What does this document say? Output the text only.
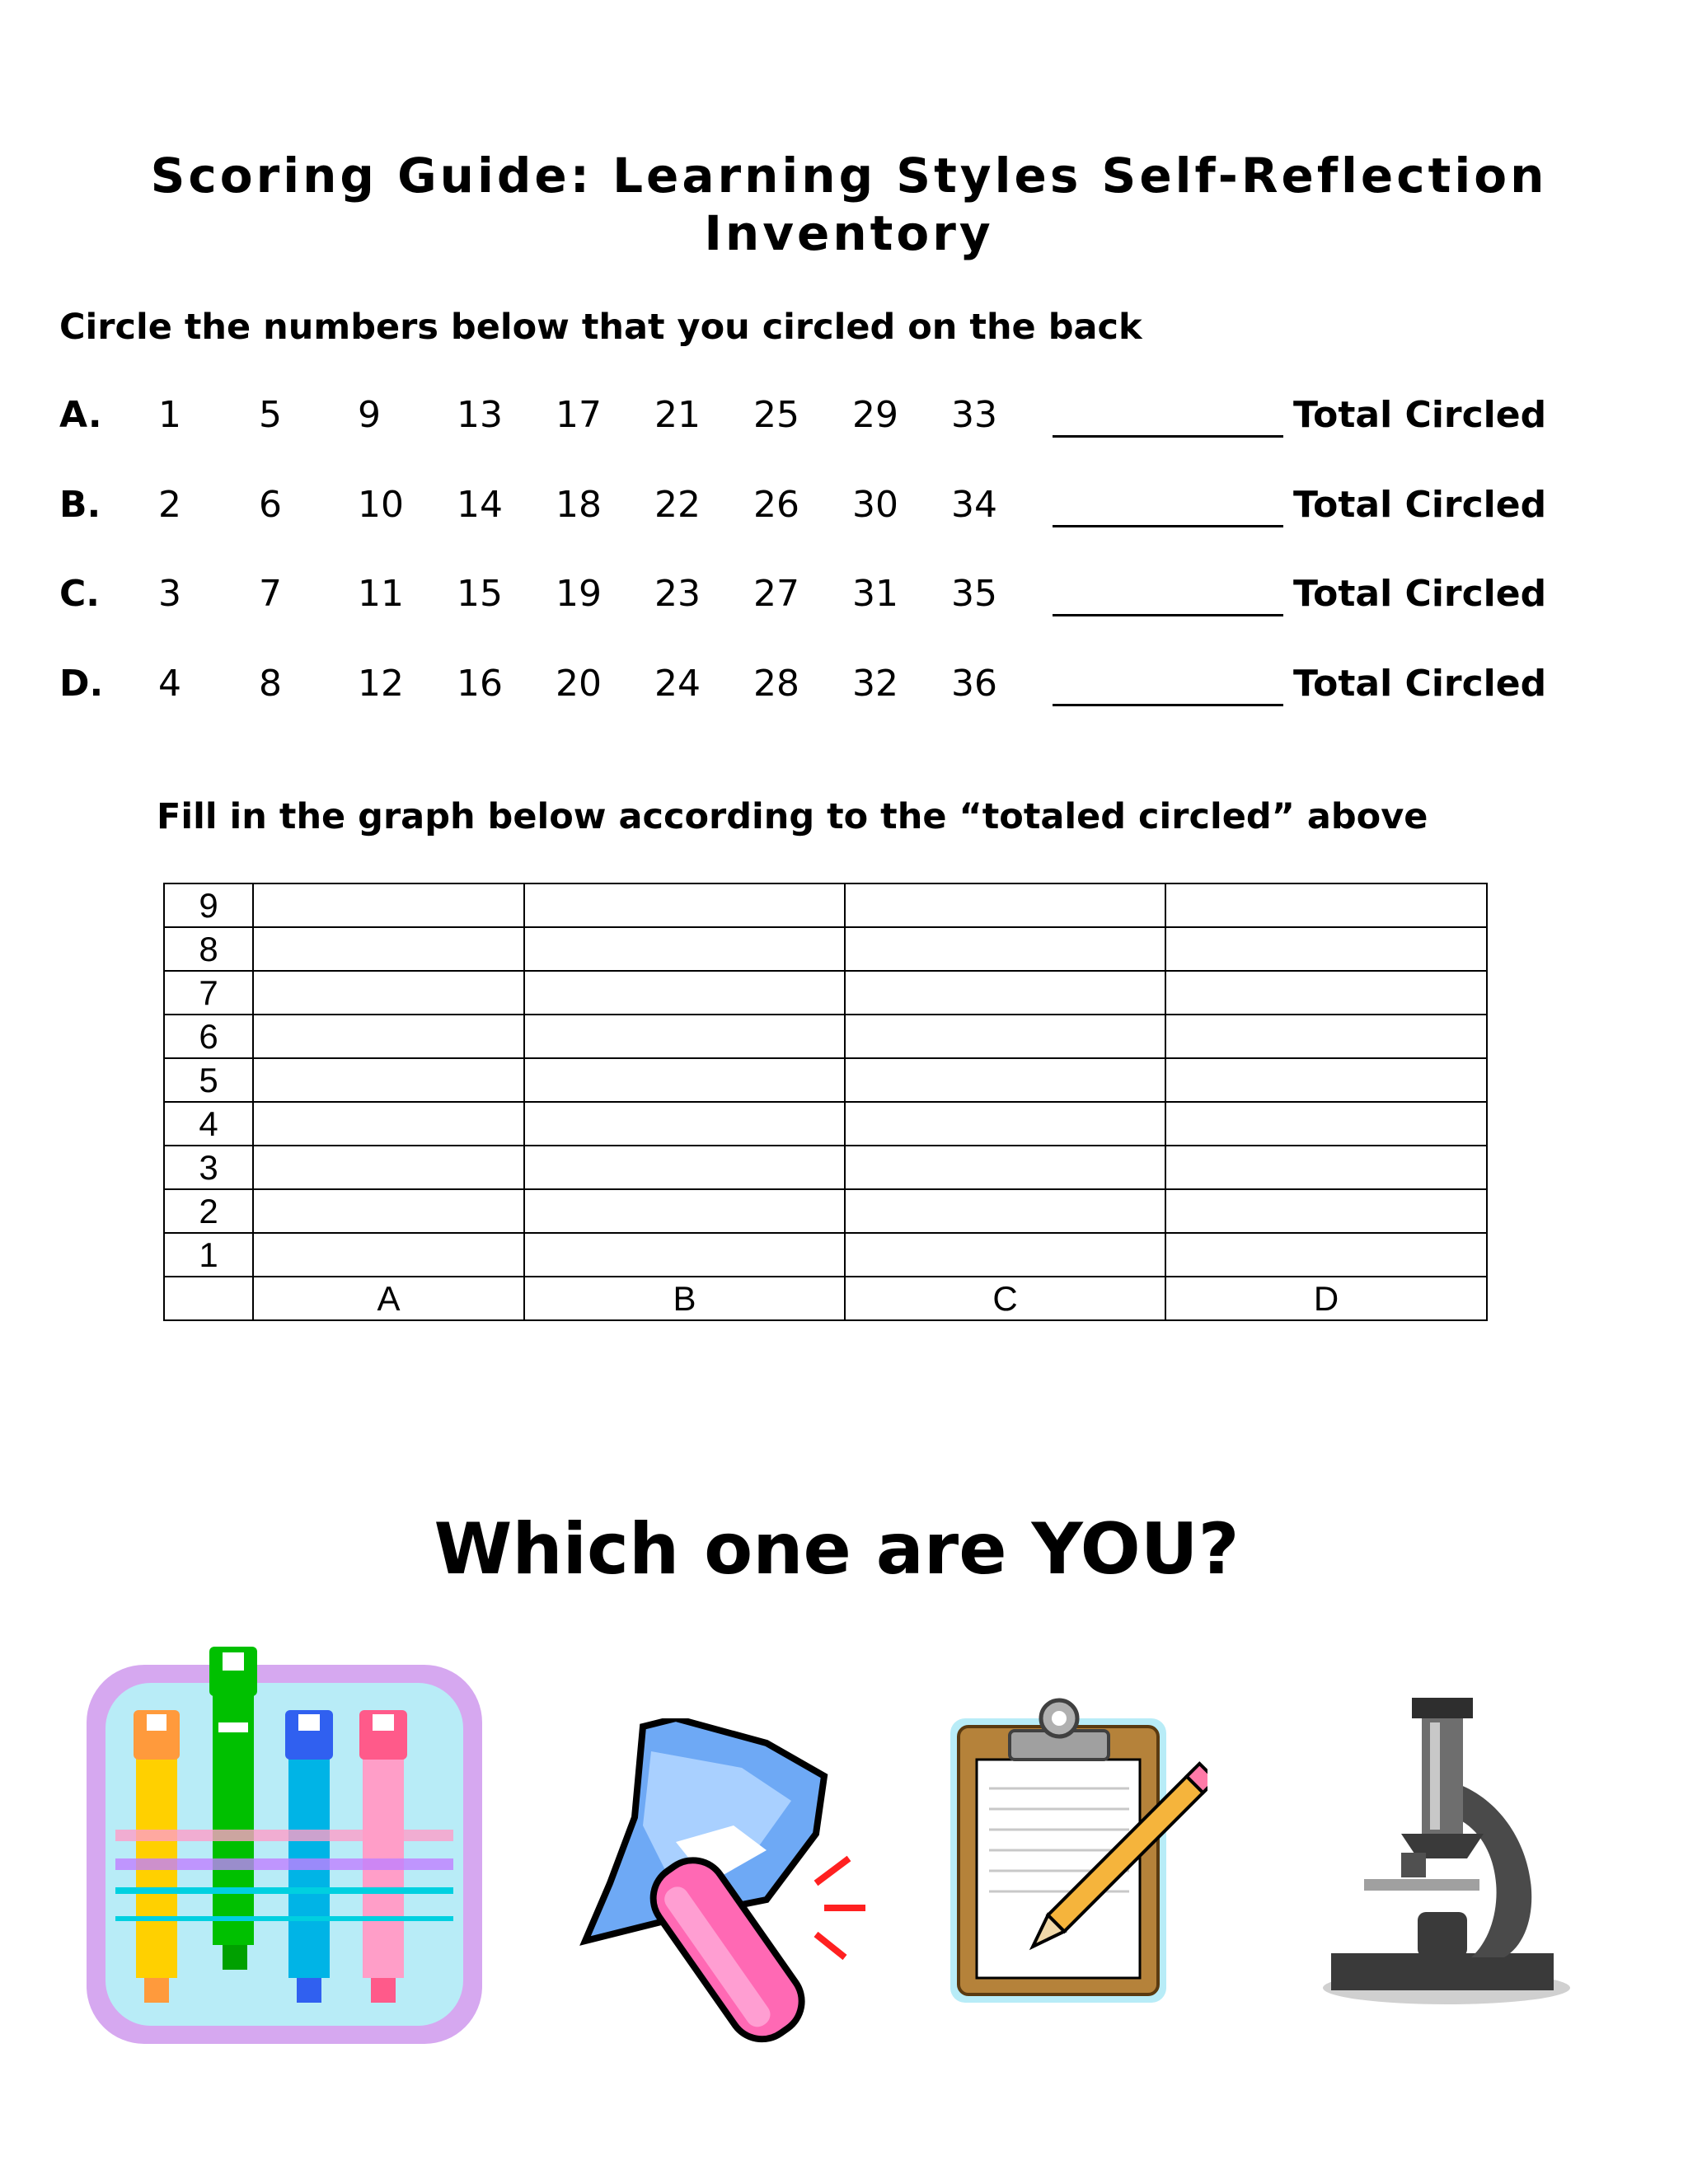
Scoring Guide: Learning Styles Self-Reflection Inventory
Circle the numbers below that you circled on the back
A. 1 5 9 13 17 21 25 29 33	Total Circled
B. 2 6 10 14 18 22 26 30 34	Total Circled
C. 3 7 11 15 19 23 27 31 35	Total Circled
D. 4 8 12 16 20 24 28 32 36	Total Circled
Fill in the graph below according to the “totaled circled” above
9				
8				
7				
6				
5				
4				
3				
2				
1				
	A	B	C	D
Which one are YOU?
